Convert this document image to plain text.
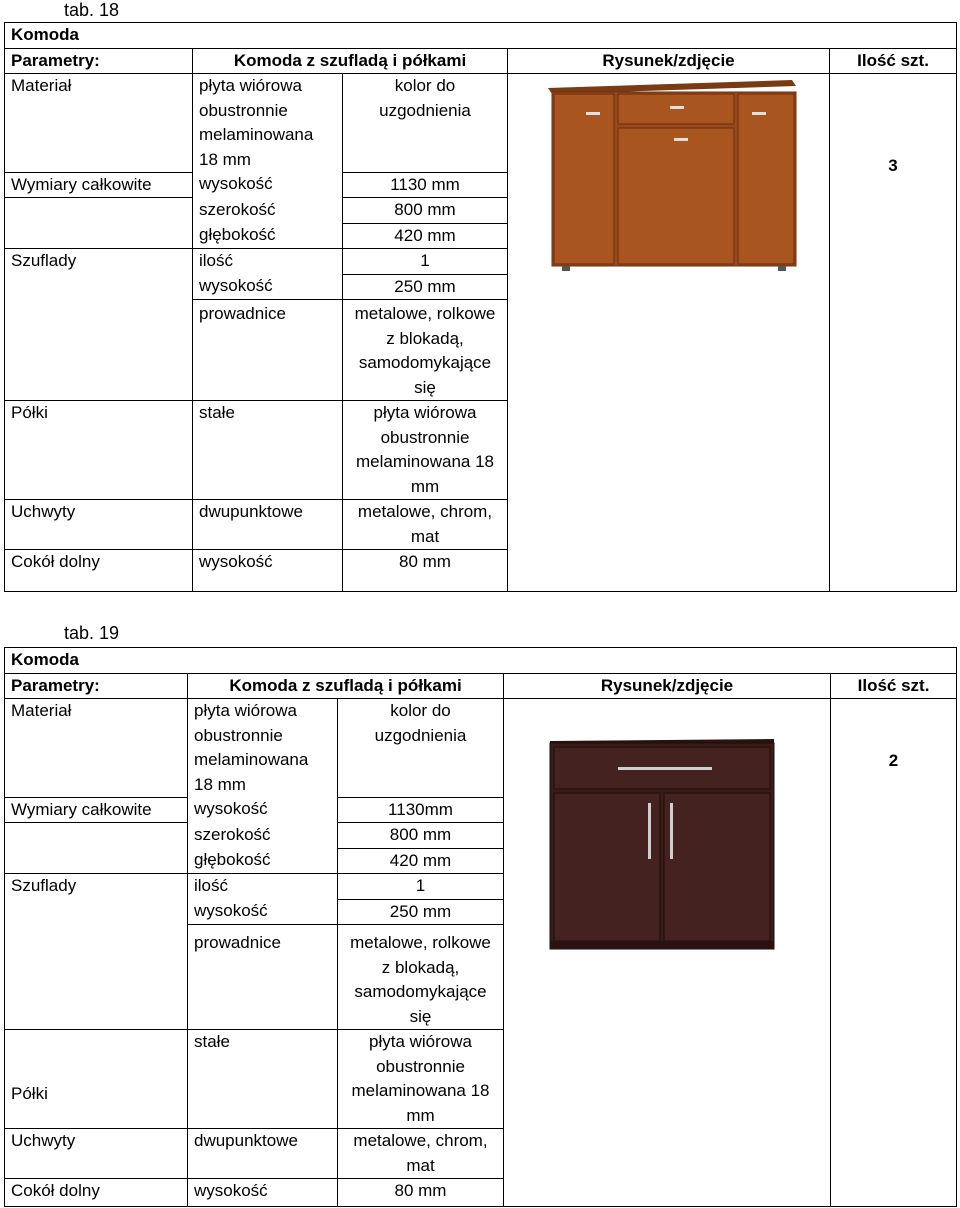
tab. 18
Komoda				
Parametry:	Komoda z szufladą i półkami		Rysunek/zdjęcie	Ilość szt.
Materiał	płyta wiórowa obustronnie melaminowana 18 mm	kolor do uzgodnienia		3
Wymiary całkowite	wysokość	1130 mm		
	szerokość	800 mm		
	głębokość	420 mm		
Szuflady	ilość	1		
	wysokość	250 mm		
	prowadnice	metalowe, rolkowe z blokadą, samodomykające się		
Półki	stałe	płyta wiórowa obustronnie melaminowana 18 mm		
Uchwyty	dwupunktowe	metalowe, chrom, mat		
Cokół dolny	wysokość	80 mm		
tab. 19
Komoda				
Parametry:	Komoda z szufladą i półkami		Rysunek/zdjęcie	Ilość szt.
Materiał	płyta wiórowa obustronnie melaminowana 18 mm	kolor do uzgodnienia		2
Wymiary całkowite	wysokość	1130mm		
	szerokość	800 mm		
	głębokość	420 mm		
Szuflady	ilość	1		
	wysokość	250 mm		
	prowadnice	metalowe, rolkowe z blokadą, samodomykające się		
Półki	stałe	płyta wiórowa obustronnie melaminowana 18 mm		
Uchwyty	dwupunktowe	metalowe, chrom, mat		
Cokół dolny	wysokość	80 mm		
